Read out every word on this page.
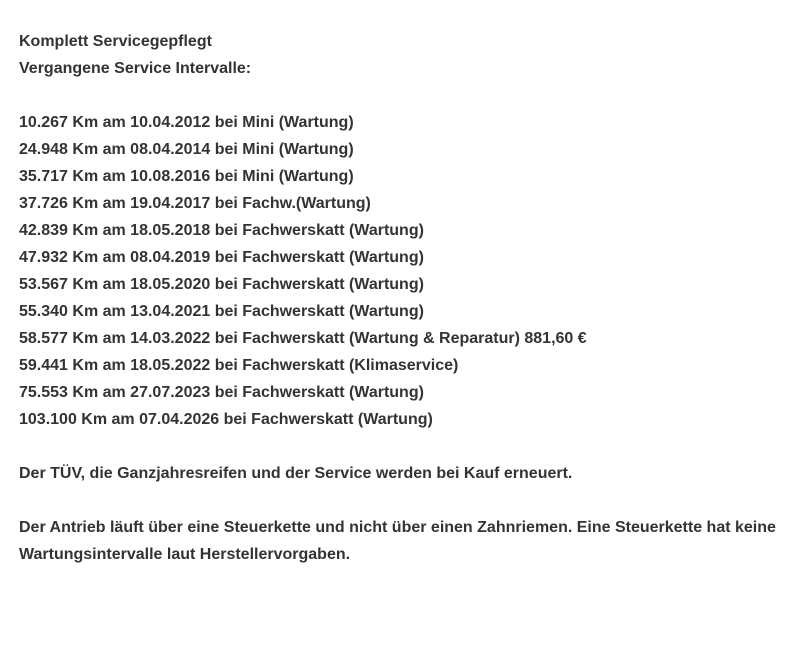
Komplett Servicegepflegt
Vergangene Service Intervalle:
10.267 Km am 10.04.2012 bei Mini (Wartung)
24.948 Km am 08.04.2014 bei Mini (Wartung)
35.717 Km am 10.08.2016 bei Mini (Wartung)
37.726 Km am 19.04.2017 bei Fachw.(Wartung)
42.839 Km am 18.05.2018 bei Fachwerskatt (Wartung)
47.932 Km am 08.04.2019 bei Fachwerskatt (Wartung)
53.567 Km am 18.05.2020 bei Fachwerskatt (Wartung)
55.340 Km am 13.04.2021 bei Fachwerskatt (Wartung)
58.577 Km am 14.03.2022 bei Fachwerskatt (Wartung & Reparatur) 881,60 €
59.441 Km am 18.05.2022 bei Fachwerskatt (Klimaservice)
75.553 Km am 27.07.2023 bei Fachwerskatt (Wartung)
103.100 Km am 07.04.2026 bei Fachwerskatt (Wartung)
Der TÜV, die Ganzjahresreifen und der Service werden bei Kauf erneuert.
Der Antrieb läuft über eine Steuerkette und nicht über einen Zahnriemen. Eine Steuerkette hat keine Wartungsintervalle laut Herstellervorgaben.
